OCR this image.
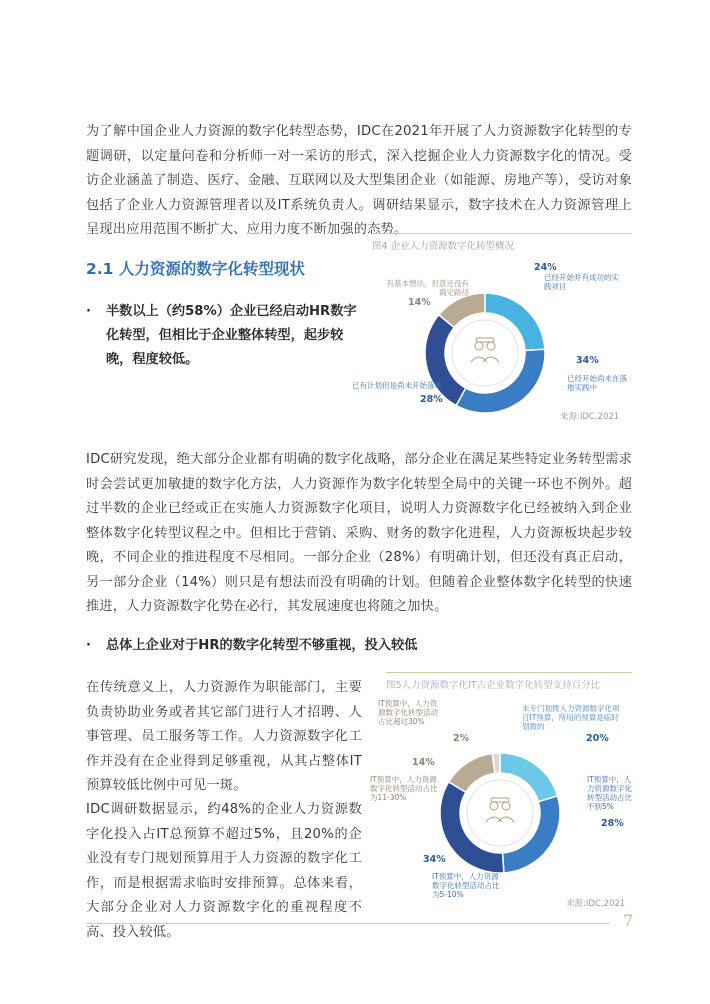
为了解中国企业人力资源的数字化转型态势，IDC在2021年开展了人力资源数字化转型的专题调研，以定量问卷和分析师一对一采访的形式，深入挖掘企业人力资源数字化的情况。受访企业涵盖了制造、医疗、金融、互联网以及大型集团企业（如能源、房地产等），受访对象包括了企业人力资源管理者以及IT系统负责人。调研结果显示，数字技术在人力资源管理上呈现出应用范围不断扩大、应用力度不断加强的态势。

2.1 人力资源的数字化转型现状
·	半数以上（约58%）企业已经启动HR数字化转型，但相比于企业整体转型，起步较晚，程度较低。
图4 企业人力资源数字化转型概况
已经开始并有成功的实践项目
24%
已经开始尚未在落地实践中
34%
已有计划但是尚未开始落地
28%
有基本想法，但意还没有确定路径
14%
来源:IDC,2021

IDC研究发现，绝大部分企业都有明确的数字化战略，部分企业在满足某些特定业务转型需求时会尝试更加敏捷的数字化方法，人力资源作为数字化转型全局中的关键一环也不例外。超过半数的企业已经或正在实施人力资源数字化项目，说明人力资源数字化已经被纳入到企业整体数字化转型议程之中。但相比于营销、采购、财务的数字化进程，人力资源板块起步较晚，不同企业的推进程度不尽相同。一部分企业（28%）有明确计划，但还没有真正启动，另一部分企业（14%）则只是有想法而没有明确的计划。但随着企业整体数字化转型的快速推进，人力资源数字化势在必行，其发展速度也将随之加快。

·	总体上企业对于HR的数字化转型不够重视，投入较低

在传统意义上，人力资源作为职能部门，主要负责协助业务或者其它部门进行人才招聘、人事管理、员工服务等工作。人力资源数字化工作并没有在企业得到足够重视，从其占整体IT预算较低比例中可见一斑。

IDC调研数据显示，约48%的企业人力资源数字化投入占IT总预算不超过5%，且20%的企业没有专门规划预算用于人力资源的数字化工作，而是根据需求临时安排预算。总体来看，大部分企业对人力资源数字化的重视程度不高、投入较低。

图5人力资源数字化IT占企业数字化转型支持百分比
未专门划拨人力资源数字化项目IT预算，所用的预算是临时划拨的
20%
IT预算中，人力资源数字化转型活动占比不到5%
28%
IT预算中，人力资源数字化转型活动占比为5-10%
34%
IT预算中，人力资源数字化转型活动占比为11-30%
14%
IT预算中，人力资源数字化转型活动占比超过30%
2%
来源:IDC,2021
7
